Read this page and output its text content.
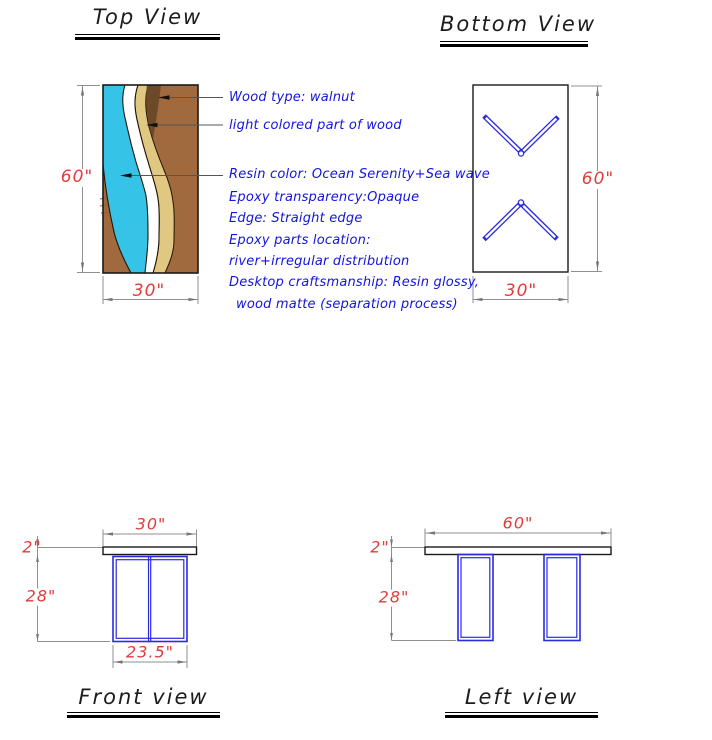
Top View	Bottom View
Front view	Left view
Wood type: walnut
light colored part of wood
Resin color: Ocean Serenity+Sea wave
Epoxy transparency:Opaque
Edge: Straight edge
Epoxy parts location:
river+irregular distribution
Desktop craftsmanship: Resin glossy,
wood matte (separation process)
60"
30"
60"
30"
30"
2"
28"
23.5"
60"
2"
28"
